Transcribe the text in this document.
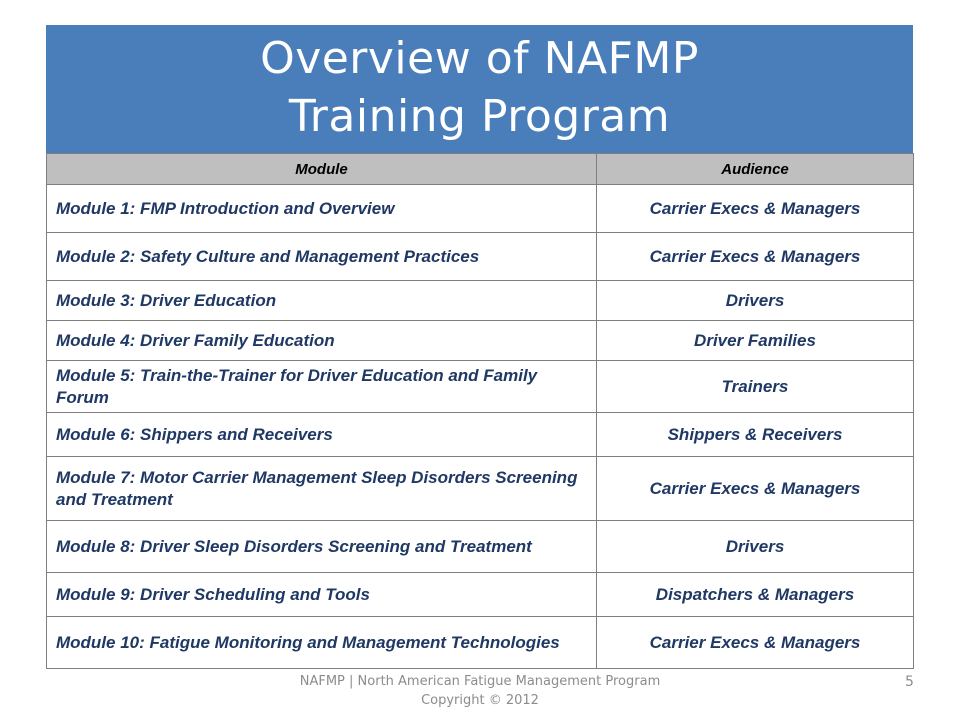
Overview of NAFMP
Training Program
Module	Audience
Module 1: FMP Introduction and Overview	Carrier Execs & Managers
Module 2: Safety Culture and Management Practices	Carrier Execs & Managers
Module 3: Driver Education	Drivers
Module 4: Driver Family Education	Driver Families
Module 5: Train-the-Trainer for Driver Education and Family Forum	Trainers
Module 6: Shippers and Receivers	Shippers & Receivers
Module 7: Motor Carrier Management Sleep Disorders Screening and Treatment	Carrier Execs & Managers
Module 8: Driver Sleep Disorders Screening and Treatment	Drivers
Module 9: Driver Scheduling and Tools	Dispatchers & Managers
Module 10: Fatigue Monitoring and Management Technologies	Carrier Execs & Managers
NAFMP | North American Fatigue Management Program
Copyright © 2012
5
